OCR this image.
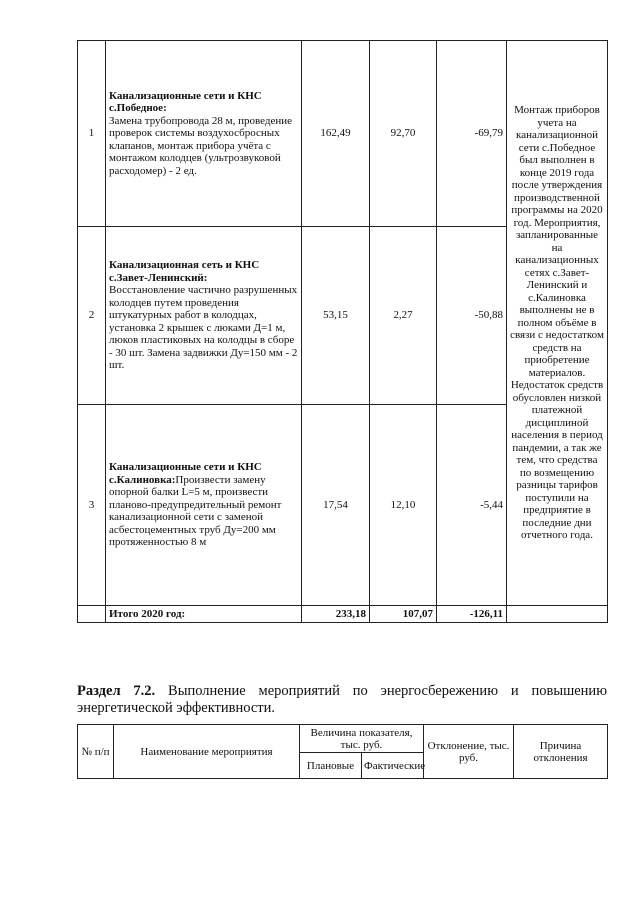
1	Канализационные сети и КНС с.Победное:
Замена трубопровода 28 м, проведение проверок системы воздухосбросных клапанов, монтаж прибора учёта с монтажом колодцев (ультрозвуковой расходомер) - 2 ед.	162,49	92,70	-69,79	Монтаж приборов учета на канализационной сети с.Победное был выполнен в конце 2019 года после утверждения производственной программы на 2020 год. Мероприятия, запланированные на канализационных сетях с.Завет-Ленинский и с.Калиновка выполнены не в полном объёме в связи с недостатком средств на приобретение материалов. Недостаток средств обусловлен низкой платежной дисциплиной населения в период пандемии, а так же тем, что средства по возмещению разницы тарифов поступили на предприятие в последние дни отчетного года.
2	Канализационная сеть и КНС с.Завет-Ленинский:
Восстановление частично разрушенных колодцев путем проведения штукатурных работ в колодцах, установка 2 крышек с люками Д=1 м, люков пластиковых на колодцы в сборе - 30 шт. Замена задвижки Ду=150 мм - 2 шт.	53,15	2,27	-50,88	
3	Канализационные сети и КНС с.Калиновка:Произвести замену опорной балки L=5 м, произвести планово-предупредительный ремонт канализационной сети с заменой асбестоцементных труб Ду=200 мм протяженностью 8 м	17,54	12,10	-5,44	
	Итого 2020 год:	233,18	107,07	-126,11	
Раздел 7.2. Выполнение мероприятий по энергосбережению и повышению энергетической эффективности.
№ п/п	Наименование мероприятия	Величина показателя, тыс. руб.		Отклонение, тыс. руб.	Причина отклонения
		Плановые	Фактические		
